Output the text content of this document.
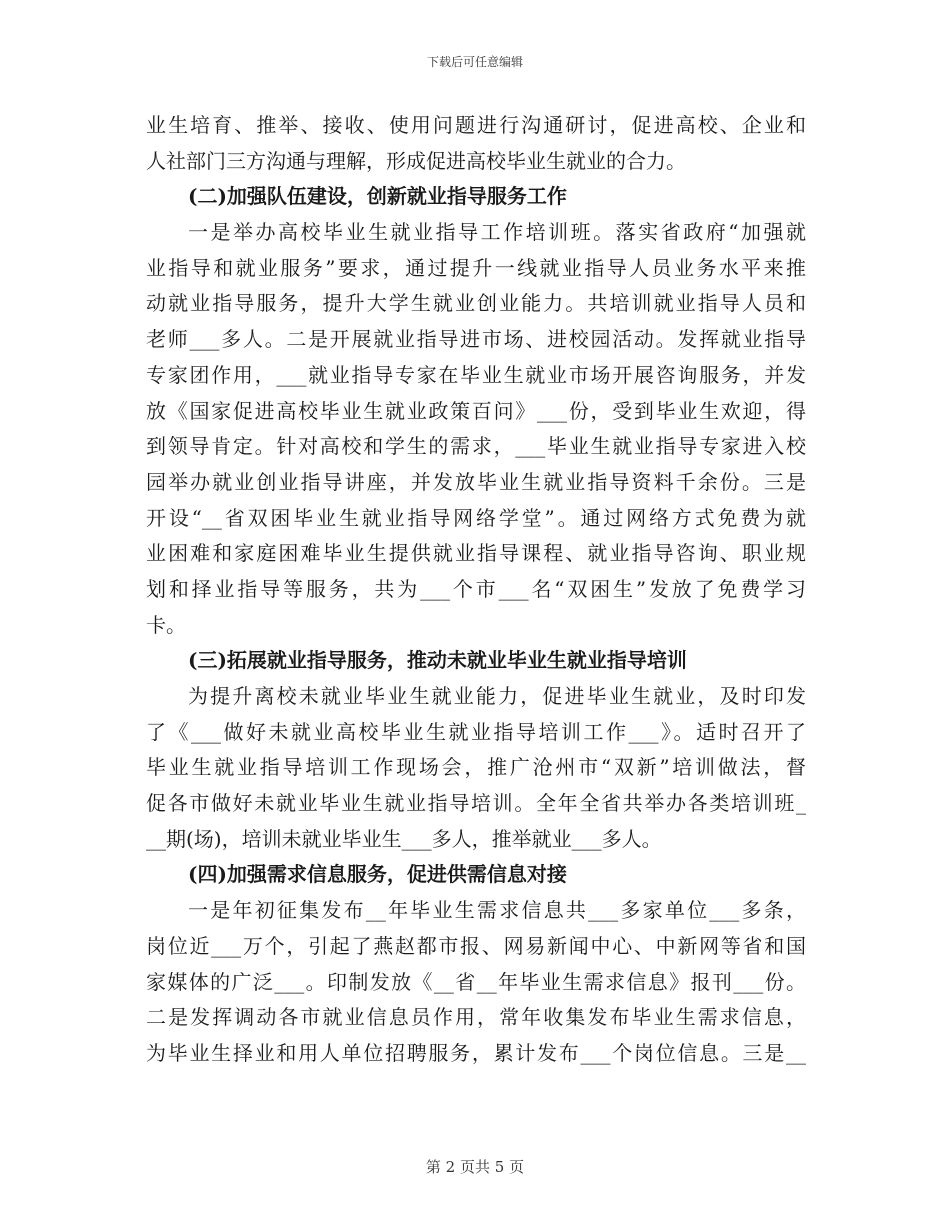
下载后可任意编辑
业生培育、推举、接收、使用问题进行沟通研讨，促进高校、企业和
人社部门三方沟通与理解，形成促进高校毕业生就业的合力。
(二)加强队伍建设，创新就业指导服务工作
一是举办高校毕业生就业指导工作培训班。落实省政府“加强就
业指导和就业服务”要求，通过提升一线就业指导人员业务水平来推
动就业指导服务，提升大学生就业创业能力。共培训就业指导人员和
老师___多人。二是开展就业指导进市场、进校园活动。发挥就业指导
专家团作用，___就业指导专家在毕业生就业市场开展咨询服务，并发
放《国家促进高校毕业生就业政策百问》___份，受到毕业生欢迎，得
到领导肯定。针对高校和学生的需求，___毕业生就业指导专家进入校
园举办就业创业指导讲座，并发放毕业生就业指导资料千余份。三是
开设“__省双困毕业生就业指导网络学堂”。通过网络方式免费为就
业困难和家庭困难毕业生提供就业指导课程、就业指导咨询、职业规
划和择业指导等服务，共为___个市___名“双困生”发放了免费学习
卡。
(三)拓展就业指导服务，推动未就业毕业生就业指导培训
为提升离校未就业毕业生就业能力，促进毕业生就业，及时印发
了《___做好未就业高校毕业生就业指导培训工作___》。适时召开了
毕业生就业指导培训工作现场会，推广沧州市“双新”培训做法，督
促各市做好未就业毕业生就业指导培训。全年全省共举办各类培训班_
__期(场)，培训未就业毕业生___多人，推举就业___多人。
(四)加强需求信息服务，促进供需信息对接
一是年初征集发布__年毕业生需求信息共___多家单位___多条，
岗位近___万个，引起了燕赵都市报、网易新闻中心、中新网等省和国
家媒体的广泛___。印制发放《__省__年毕业生需求信息》报刊___份。
二是发挥调动各市就业信息员作用，常年收集发布毕业生需求信息，
为毕业生择业和用人单位招聘服务，累计发布___个岗位信息。三是__
第 2 页共 5 页
